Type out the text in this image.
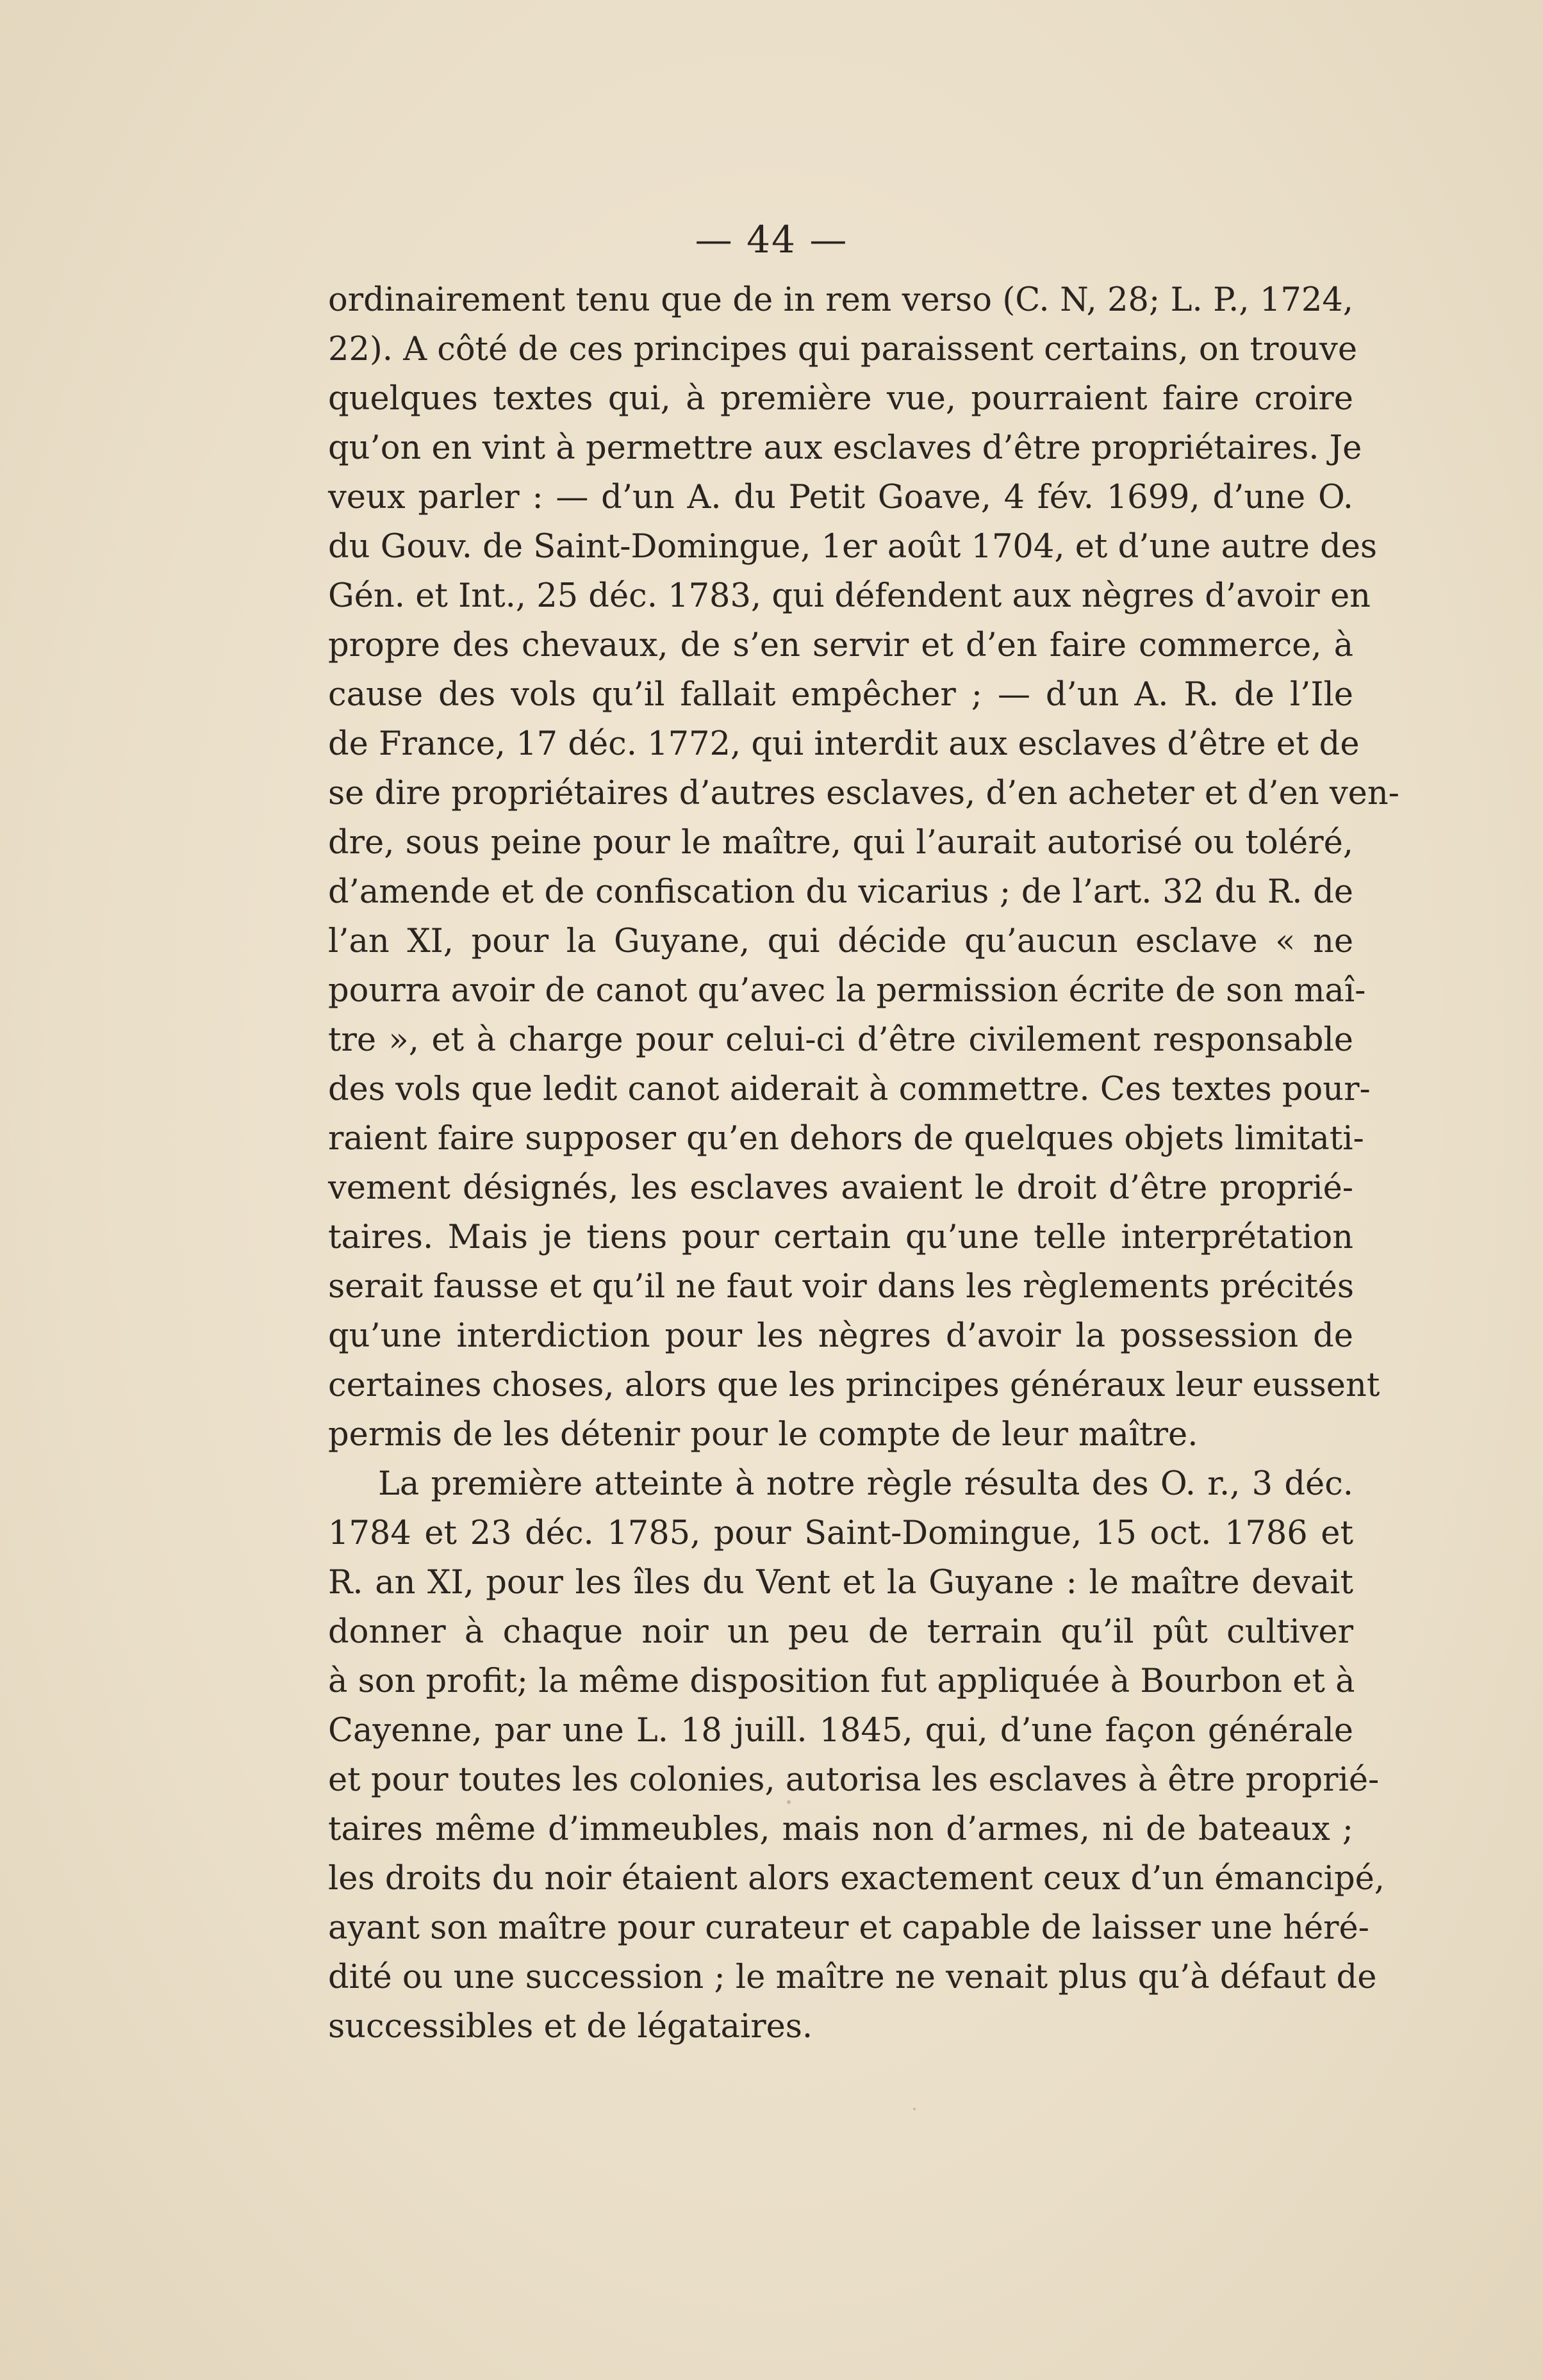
— 44 —
ordinairement tenu que de in rem verso (C. N, 28; L. P., 1724,
22). A côté de ces principes qui paraissent certains, on trouve
quelques textes qui, à première vue, pourraient faire croire
qu’on en vint à permettre aux esclaves d’être propriétaires. Je
veux parler : — d’un A. du Petit Goave, 4 fév. 1699, d’une O.
du Gouv. de Saint-Domingue, 1er août 1704, et d’une autre des
Gén. et Int., 25 déc. 1783, qui défendent aux nègres d’avoir en
propre des chevaux, de s’en servir et d’en faire commerce, à
cause des vols qu’il fallait empêcher ; — d’un A. R. de l’Ile
de France, 17 déc. 1772, qui interdit aux esclaves d’être et de
se dire propriétaires d’autres esclaves, d’en acheter et d’en ven-
dre, sous peine pour le maître, qui l’aurait autorisé ou toléré,
d’amende et de confiscation du vicarius ; de l’art. 32 du R. de
l’an XI, pour la Guyane, qui décide qu’aucun esclave « ne
pourra avoir de canot qu’avec la permission écrite de son maî-
tre », et à charge pour celui-ci d’être civilement responsable
des vols que ledit canot aiderait à commettre. Ces textes pour-
raient faire supposer qu’en dehors de quelques objets limitati-
vement désignés, les esclaves avaient le droit d’être proprié-
taires. Mais je tiens pour certain qu’une telle interprétation
serait fausse et qu’il ne faut voir dans les règlements précités
qu’une interdiction pour les nègres d’avoir la possession de
certaines choses, alors que les principes généraux leur eussent
permis de les détenir pour le compte de leur maître.
La première atteinte à notre règle résulta des O. r., 3 déc.
1784 et 23 déc. 1785, pour Saint-Domingue, 15 oct. 1786 et
R. an XI, pour les îles du Vent et la Guyane : le maître devait
donner à chaque noir un peu de terrain qu’il pût cultiver
à son profit; la même disposition fut appliquée à Bourbon et à
Cayenne, par une L. 18 juill. 1845, qui, d’une façon générale
et pour toutes les colonies, autorisa les esclaves à être proprié-
taires même d’immeubles, mais non d’armes, ni de bateaux ;
les droits du noir étaient alors exactement ceux d’un émancipé,
ayant son maître pour curateur et capable de laisser une héré-
dité ou une succession ; le maître ne venait plus qu’à défaut de
successibles et de légataires.
